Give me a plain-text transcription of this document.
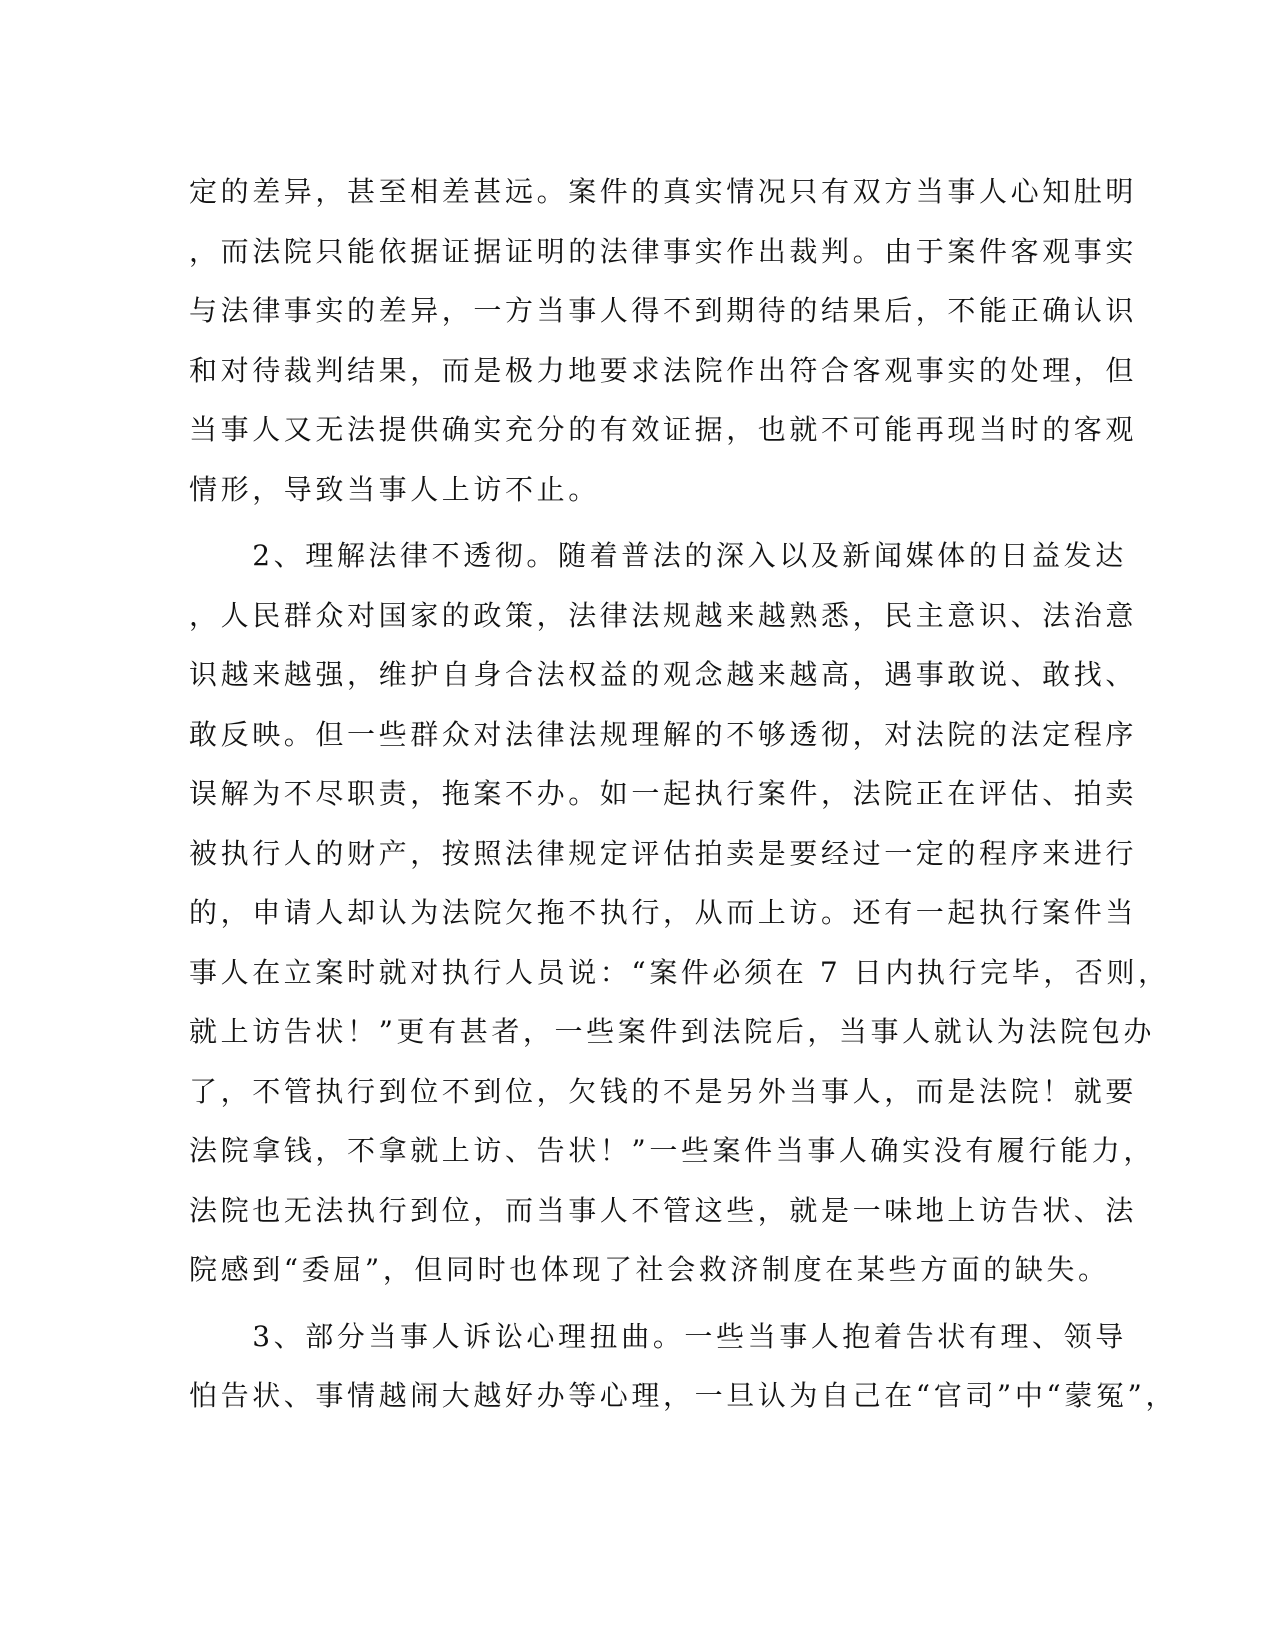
定的差异，甚至相差甚远。案件的真实情况只有双方当事人心知肚明
，而法院只能依据证据证明的法律事实作出裁判。由于案件客观事实
与法律事实的差异，一方当事人得不到期待的结果后，不能正确认识
和对待裁判结果，而是极力地要求法院作出符合客观事实的处理，但
当事人又无法提供确实充分的有效证据，也就不可能再现当时的客观
情形，导致当事人上访不止。
　　2、理解法律不透彻。随着普法的深入以及新闻媒体的日益发达
，人民群众对国家的政策，法律法规越来越熟悉，民主意识、法治意
识越来越强，维护自身合法权益的观念越来越高，遇事敢说、敢找、
敢反映。但一些群众对法律法规理解的不够透彻，对法院的法定程序
误解为不尽职责，拖案不办。如一起执行案件，法院正在评估、拍卖
被执行人的财产，按照法律规定评估拍卖是要经过一定的程序来进行
的，申请人却认为法院欠拖不执行，从而上访。还有一起执行案件当
事人在立案时就对执行人员说：“案件必须在 7 日内执行完毕，否则，
就上访告状！”更有甚者，一些案件到法院后，当事人就认为法院包办
了，不管执行到位不到位，欠钱的不是另外当事人，而是法院！就要
法院拿钱，不拿就上访、告状！”一些案件当事人确实没有履行能力，
法院也无法执行到位，而当事人不管这些，就是一味地上访告状、法
院感到“委屈”，但同时也体现了社会救济制度在某些方面的缺失。
　　3、部分当事人诉讼心理扭曲。一些当事人抱着告状有理、领导
怕告状、事情越闹大越好办等心理，一旦认为自己在“官司”中“蒙冤”，
